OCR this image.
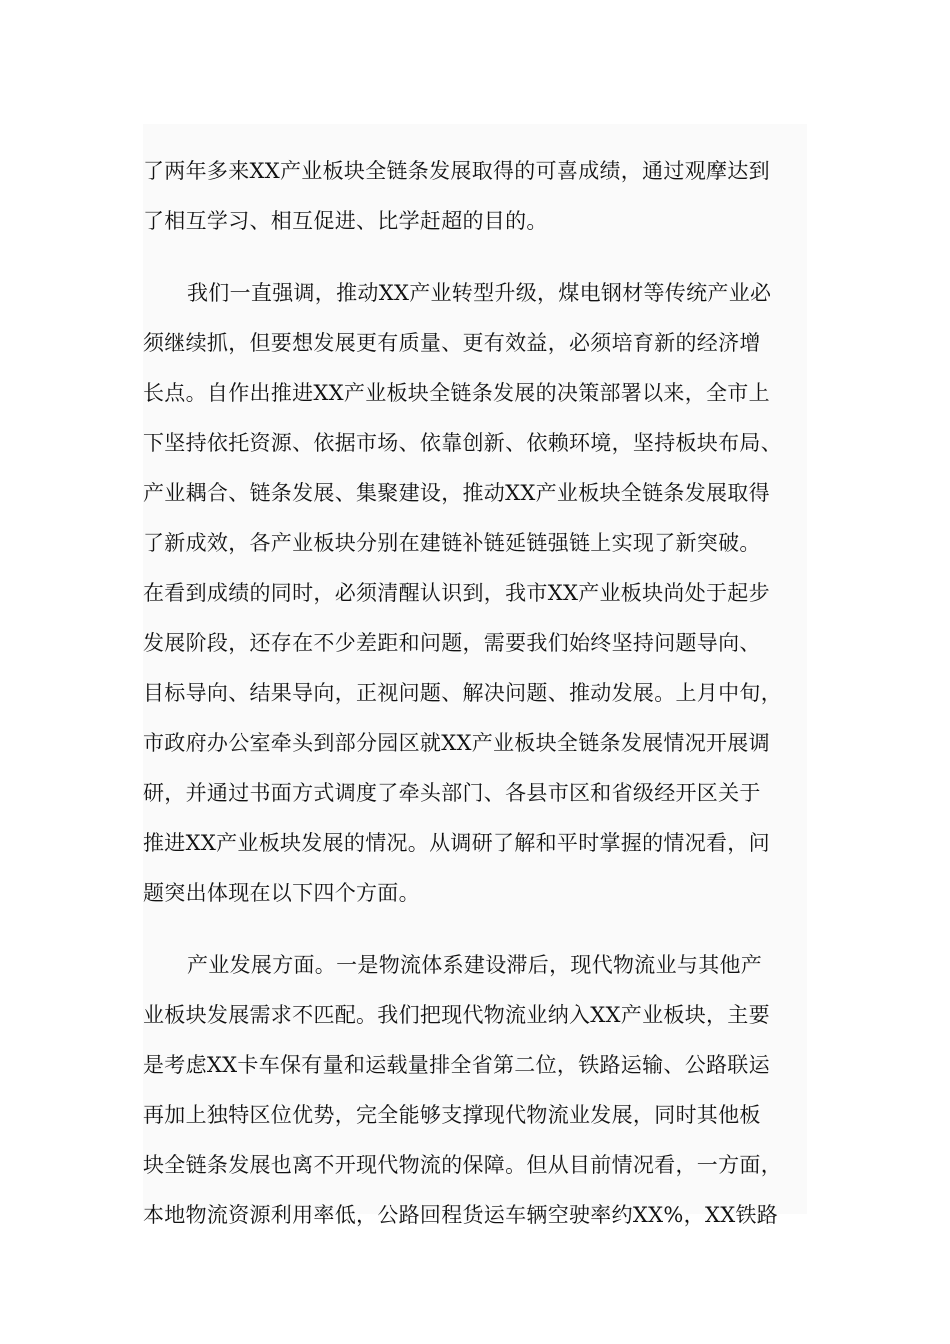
了两年多来XX产业板块全链条发展取得的可喜成绩，通过观摩达到
了相互学习、相互促进、比学赶超的目的。

我们一直强调，推动XX产业转型升级，煤电钢材等传统产业必
须继续抓，但要想发展更有质量、更有效益，必须培育新的经济增
长点。自作出推进XX产业板块全链条发展的决策部署以来，全市上
下坚持依托资源、依据市场、依靠创新、依赖环境，坚持板块布局、
产业耦合、链条发展、集聚建设，推动XX产业板块全链条发展取得
了新成效，各产业板块分别在建链补链延链强链上实现了新突破。
在看到成绩的同时，必须清醒认识到，我市XX产业板块尚处于起步
发展阶段，还存在不少差距和问题，需要我们始终坚持问题导向、
目标导向、结果导向，正视问题、解决问题、推动发展。上月中旬，
市政府办公室牵头到部分园区就XX产业板块全链条发展情况开展调
研，并通过书面方式调度了牵头部门、各县市区和省级经开区关于
推进XX产业板块发展的情况。从调研了解和平时掌握的情况看，问
题突出体现在以下四个方面。

产业发展方面。一是物流体系建设滞后，现代物流业与其他产
业板块发展需求不匹配。我们把现代物流业纳入XX产业板块，主要
是考虑XX卡车保有量和运载量排全省第二位，铁路运输、公路联运
再加上独特区位优势，完全能够支撑现代物流业发展，同时其他板
块全链条发展也离不开现代物流的保障。但从目前情况看，一方面，
本地物流资源利用率低，公路回程货运车辆空驶率约XX%，XX铁路
